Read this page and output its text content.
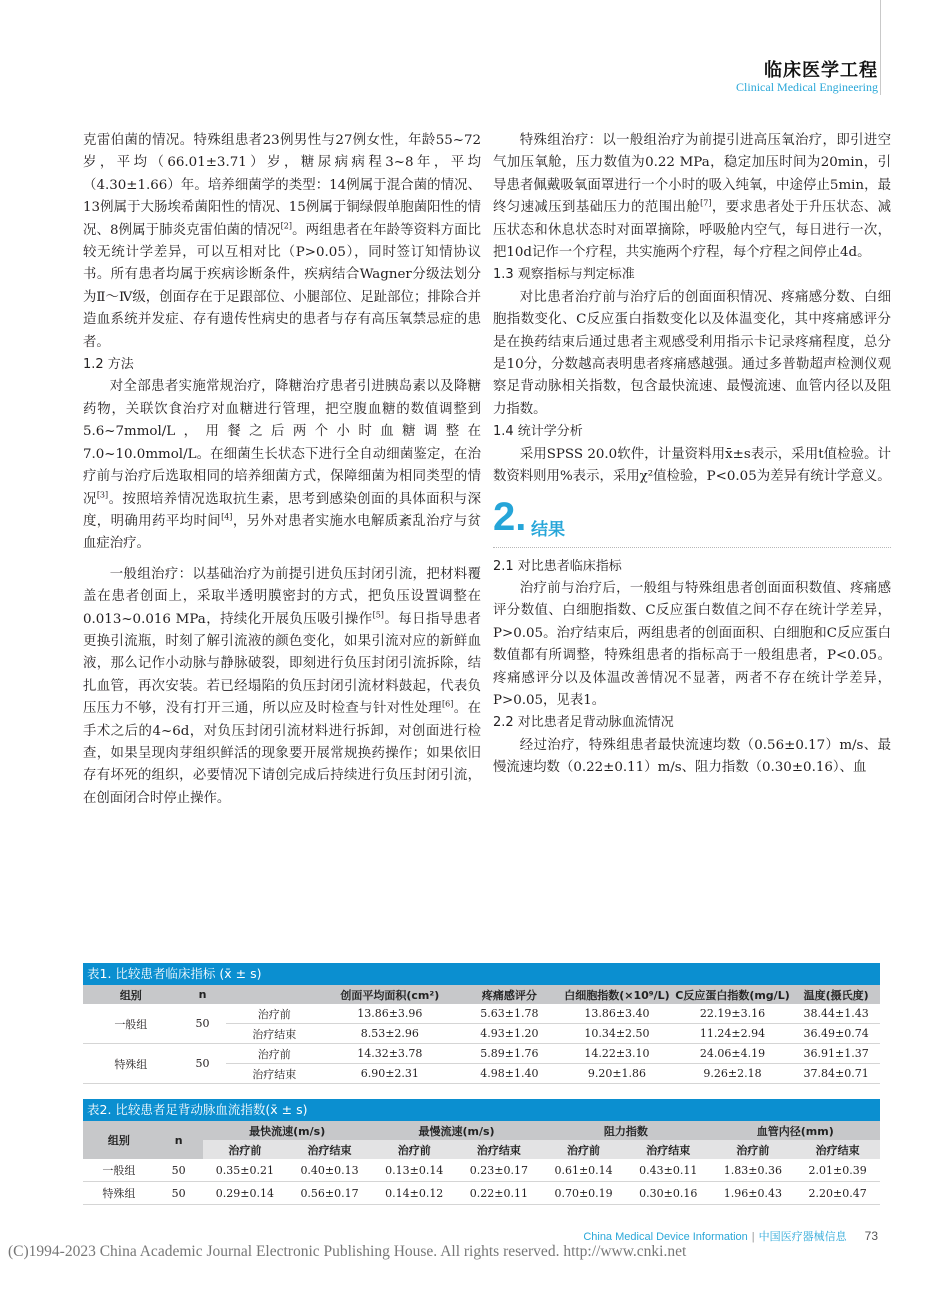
临床医学工程
Clinical Medical Engineering

克雷伯菌的情况。特殊组患者23例男性与27例女性，年龄55~72岁，平均（66.01±3.71）岁，糖尿病病程3~8年，平均（4.30±1.66）年。培养细菌学的类型：14例属于混合菌的情况、13例属于大肠埃希菌阳性的情况、15例属于铜绿假单胞菌阳性的情况、8例属于肺炎克雷伯菌的情况[2]。两组患者在年龄等资料方面比较无统计学差异，可以互相对比（P>0.05），同时签订知情协议书。所有患者均属于疾病诊断条件，疾病结合Wagner分级法划分为Ⅱ～Ⅳ级，创面存在于足跟部位、小腿部位、足趾部位；排除合并造血系统并发症、存有遗传性病史的患者与存有高压氧禁忌症的患者。

1.2 方法

对全部患者实施常规治疗，降糖治疗患者引进胰岛素以及降糖药物，关联饮食治疗对血糖进行管理，把空腹血糖的数值调整到5.6~7mmol/L，用餐之后两个小时血糖调整在7.0~10.0mmol/L。在细菌生长状态下进行全自动细菌鉴定，在治疗前与治疗后选取相同的培养细菌方式，保障细菌为相同类型的情况[3]。按照培养情况选取抗生素，思考到感染创面的具体面积与深度，明确用药平均时间[4]，另外对患者实施水电解质紊乱治疗与贫血症治疗。

一般组治疗：以基础治疗为前提引进负压封闭引流，把材料覆盖在患者创面上，采取半透明膜密封的方式，把负压设置调整在0.013~0.016 MPa，持续化开展负压吸引操作[5]。每日指导患者更换引流瓶，时刻了解引流液的颜色变化，如果引流对应的新鲜血液，那么记作小动脉与静脉破裂，即刻进行负压封闭引流拆除，结扎血管，再次安装。若已经塌陷的负压封闭引流材料鼓起，代表负压压力不够，没有打开三通，所以应及时检查与针对性处理[6]。在手术之后的4~6d，对负压封闭引流材料进行拆卸，对创面进行检查，如果呈现肉芽组织鲜活的现象要开展常规换药操作；如果依旧存有坏死的组织，必要情况下请创完成后持续进行负压封闭引流，在创面闭合时停止操作。

特殊组治疗：以一般组治疗为前提引进高压氧治疗，即引进空气加压氧舱，压力数值为0.22 MPa，稳定加压时间为20min，引导患者佩戴吸氧面罩进行一个小时的吸入纯氧，中途停止5min，最终匀速减压到基础压力的范围出舱[7]，要求患者处于升压状态、减压状态和休息状态时对面罩摘除，呼吸舱内空气，每日进行一次，把10d记作一个疗程，共实施两个疗程，每个疗程之间停止4d。

1.3 观察指标与判定标准

对比患者治疗前与治疗后的创面面积情况、疼痛感分数、白细胞指数变化、C反应蛋白指数变化以及体温变化，其中疼痛感评分是在换药结束后通过患者主观感受利用指示卡记录疼痛程度，总分是10分，分数越高表明患者疼痛感越强。通过多普勒超声检测仪观察足背动脉相关指数，包含最快流速、最慢流速、血管内径以及阻力指数。

1.4 统计学分析

采用SPSS 20.0软件，计量资料用x̄±s表示，采用t值检验。计数资料则用%表示，采用χ²值检验，P<0.05为差异有统计学意义。

2. 结果

2.1 对比患者临床指标

治疗前与治疗后，一般组与特殊组患者创面面积数值、疼痛感评分数值、白细胞指数、C反应蛋白数值之间不存在统计学差异，P>0.05。治疗结束后，两组患者的创面面积、白细胞和C反应蛋白数值都有所调整，特殊组患者的指标高于一般组患者，P<0.05。疼痛感评分以及体温改善情况不显著，两者不存在统计学差异，P>0.05，见表1。

2.2 对比患者足背动脉血流情况

经过治疗，特殊组患者最快流速均数（0.56±0.17）m/s、最慢流速均数（0.22±0.11）m/s、阻力指数（0.30±0.16）、血

表1. 比较患者临床指标 (x̄ ± s)
组别	n		创面平均面积(cm²)	疼痛感评分	白细胞指数(×10⁹/L)	C反应蛋白指数(mg/L)	温度(摄氏度)
一般组	50	治疗前	13.86±3.96	5.63±1.78	13.86±3.40	22.19±3.16	38.44±1.43
		治疗结束	8.53±2.96	4.93±1.20	10.34±2.50	11.24±2.94	36.49±0.74
特殊组	50	治疗前	14.32±3.78	5.89±1.76	14.22±3.10	24.06±4.19	36.91±1.37
		治疗结束	6.90±2.31	4.98±1.40	9.20±1.86	9.26±2.18	37.84±0.71
表2. 比较患者足背动脉血流指数(x̄ ± s)
组别	n	最快流速(m/s)		最慢流速(m/s)		阻力指数		血管内径(mm)	
		治疗前	治疗结束	治疗前	治疗结束	治疗前	治疗结束	治疗前	治疗结束
一般组	50	0.35±0.21	0.40±0.13	0.13±0.14	0.23±0.17	0.61±0.14	0.43±0.11	1.83±0.36	2.01±0.39
特殊组	50	0.29±0.14	0.56±0.17	0.14±0.12	0.22±0.11	0.70±0.19	0.30±0.16	1.96±0.43	2.20±0.47
China Medical Device Information | 中国医疗器械信息 73
(C)1994-2023 China Academic Journal Electronic Publishing House. All rights reserved. http://www.cnki.net
